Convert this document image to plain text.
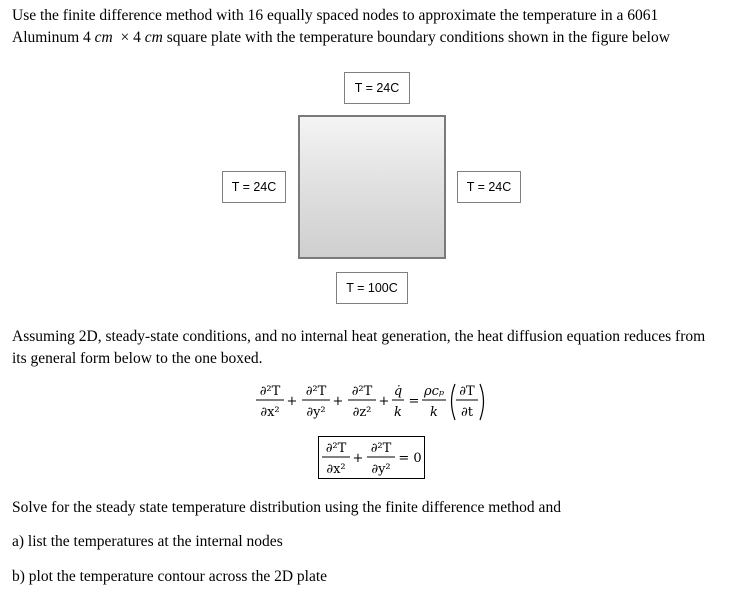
Use the finite difference method with 16 equally spaced nodes to approximate the temperature in a 6061
Aluminum 4 cm  × 4 cm square plate with the temperature boundary conditions shown in the figure below
T = 24C
T = 24C	T = 24C
T = 100C
Assuming 2D, steady-state conditions, and no internal heat generation, the heat diffusion equation reduces from
its general form below to the one boxed.
∂²T
∂x²
+
∂²T
∂y²
+
∂²T
∂z²
+
q̇
k
=
ρcₚ
k
∂T
∂t
∂²T
∂x²
+
∂²T
∂y²
= 0
Solve for the steady state temperature distribution using the finite difference method and
a) list the temperatures at the internal nodes
b) plot the temperature contour across the 2D plate
